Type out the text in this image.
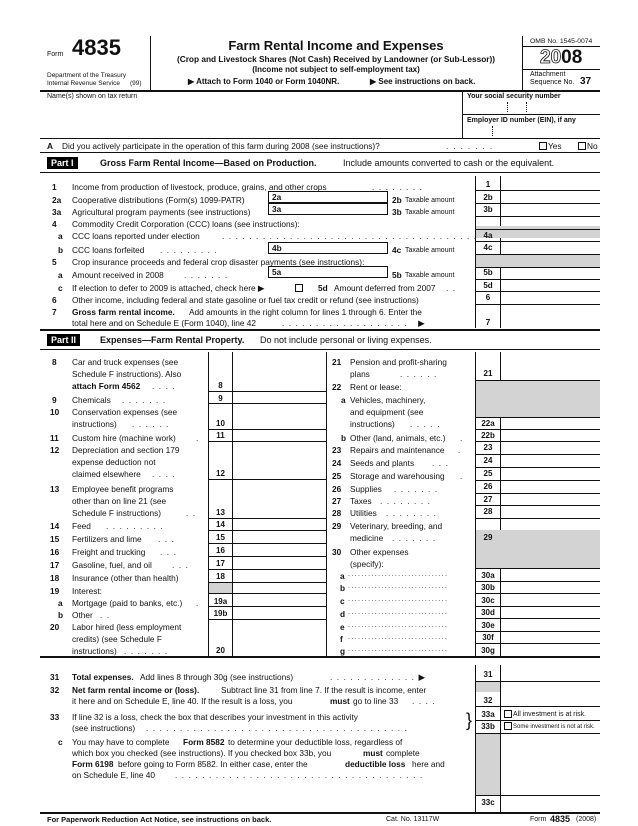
Form 4835
Department of the Treasury
Internal Revenue Service (99)
Farm Rental Income and Expenses
(Crop and Livestock Shares (Not Cash) Received by Landowner (or Sub-Lessor))
(Income not subject to self-employment tax)
▶ Attach to Form 1040 or Form 1040NR.	▶ See instructions on back.
OMB No. 1545-0074
2008
Attachment
Sequence No. 37
Name(s) shown on tax return	Your social security number
Employer ID number (EIN), if any
A Did you actively participate in the operation of this farm during 2008 (see instructions)?	.......	Yes	No
Part I	Gross Farm Rental Income—Based on Production.	Include amounts converted to cash or the equivalent.
1 Income from production of livestock, produce, grains, and other crops	........	1
2a Cooperative distributions (Form(s) 1099-PATR)	2a	2b Taxable amount	2b
3a Agricultural program payments (see instructions)	3a	3b Taxable amount	3b
4 Commodity Credit Corporation (CCC) loans (see instructions):
a CCC loans reported under election	...................................... 4a
b CCC loans forfeited .........	4b	4c Taxable amount	4c
5 Crop insurance proceeds and federal crop disaster payments (see instructions):
a Amount received in 2008 .......	5a	5b Taxable amount	5b
c If election to defer to 2009 is attached, check here ▶	5d Amount deferred from 2007 ..	5d
6 Other income, including federal and state gasoline or fuel tax credit or refund (see instructions)	6
7 Gross farm rental income. Add amounts in the right column for lines 1 through 6. Enter the
total here and on Schedule E (Form 1040), line 42	................... ▶	7
Part II	Expenses—Farm Rental Property. Do not include personal or living expenses.
8 Car and truck expenses (see
Schedule F instructions). Also
attach Form 4562 ....	8
9 Chemicals .......	9
10 Conservation expenses (see
instructions) ......	10
11 Custom hire (machine work) .	11
12 Depreciation and section 179
expense deduction not
claimed elsewhere ....	12
13 Employee benefit programs
other than on line 21 (see
Schedule F instructions)	..	13
14 Feed .........	14
15 Fertilizers and lime ...	15
16 Freight and trucking ...	16
17 Gasoline, fuel, and oil ...	17
18 Insurance (other than health)	18
19 Interest:
a Mortgage (paid to banks, etc.) .	19a
b Other ..	19b
20 Labor hired (less employment
credits) (see Schedule F
instructions) .......	20
21 Pension and profit-sharing
plans	......	21
22 Rent or lease:
a Vehicles, machinery,
and equipment (see
instructions) .....	22a
b Other (land, animals, etc.) .	22b
23 Repairs and maintenance .	23
24 Seeds and plants ...	24
25 Storage and warehousing .	25
26 Supplies .......	26
27 Taxes ........	27
28 Utilities ........	28
29 Veterinary, breeding, and
medicine .......	29
30 Other expenses
(specify):
a ..............................	30a
b ..............................	30b
c ..............................	30c
d ..............................	30d
e ..............................	30e
f ..............................	30f
g ..............................	30g
31 Total expenses. Add lines 8 through 30g (see instructions)	.............▶	31
32 Net farm rental income or (loss).	Subtract line 31 from line 7. If the result is income, enter
it here and on Schedule E, line 40. If the result is a loss, you	must go to line 33 ....	32
33 If line 32 is a loss, check the box that describes your investment in this activity
(see instructions) .......................................	}	33a	All investment is at risk.
33b	Some investment is not at risk.
c You may have to complete Form 8582 to determine your deductible loss, regardless of
which box you checked (see instructions). If you checked box 33b, you	must complete
Form 6198 before going to Form 8582. In either case, enter the	deductible loss here and
on Schedule E, line 40 .....................................
33c
For Paperwork Reduction Act Notice, see instructions on back.	Cat. No. 13117W	Form 4835 (2008)
